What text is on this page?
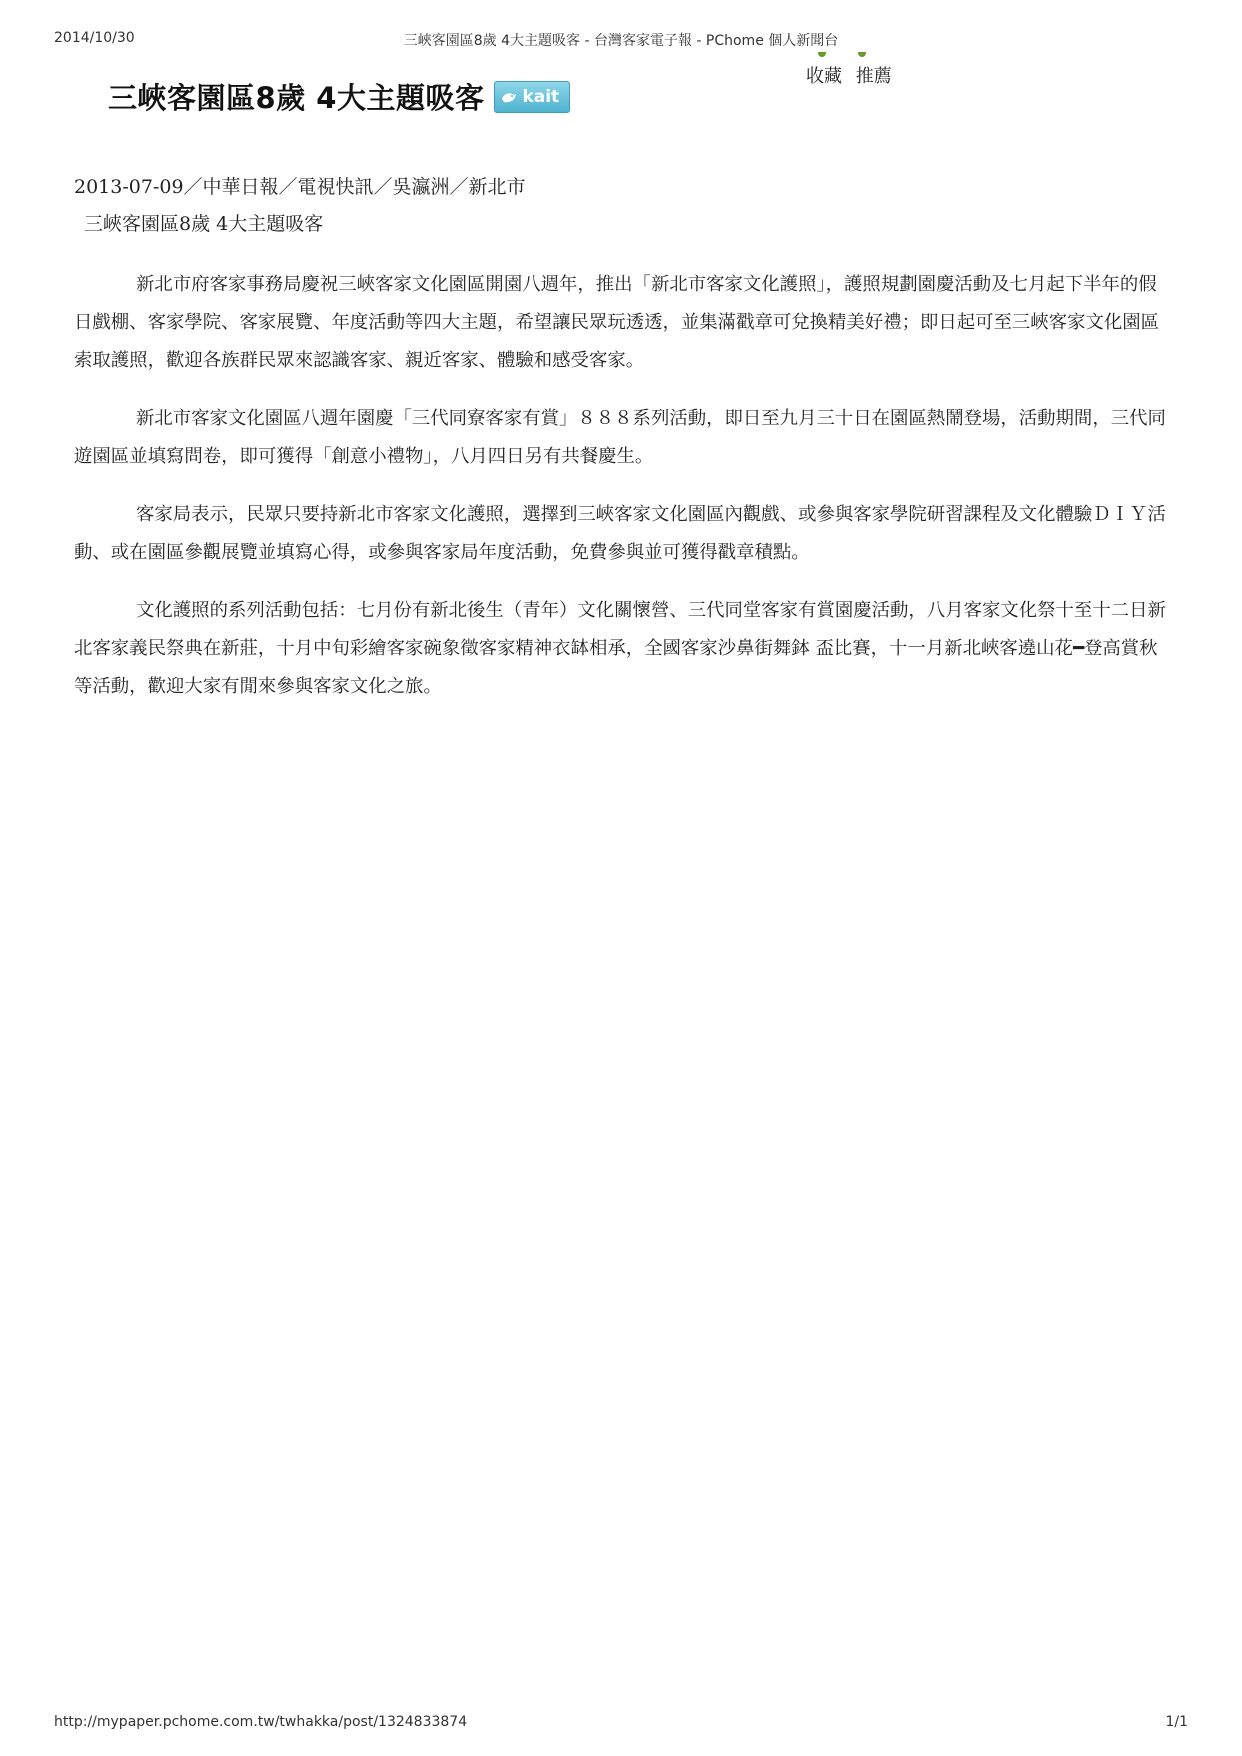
2014/10/30	三峽客園區8歲 4大主題吸客 - 台灣客家電子報 - PChome 個人新聞台
三峽客園區8歲 4大主題吸客 kait
收藏 推薦
2013-07-09／中華日報／電視快訊／吳瀛洲／新北市
三峽客園區8歲 4大主題吸客

新北市府客家事務局慶祝三峽客家文化園區開園八週年，推出「新北市客家文化護照」，護照規劃園慶活動及七月起下半年的假日戲棚、客家學院、客家展覽、年度活動等四大主題，希望讓民眾玩透透，並集滿戳章可兌換精美好禮；即日起可至三峽客家文化園區索取護照，歡迎各族群民眾來認識客家、親近客家、體驗和感受客家。

新北市客家文化園區八週年園慶「三代同寮客家有賞」８８８系列活動，即日至九月三十日在園區熱鬧登場，活動期間，三代同遊園區並填寫問卷，即可獲得「創意小禮物」，八月四日另有共餐慶生。

客家局表示，民眾只要持新北市客家文化護照，選擇到三峽客家文化園區內觀戲、或參與客家學院研習課程及文化體驗ＤＩＹ活動、或在園區參觀展覽並填寫心得，或參與客家局年度活動，免費參與並可獲得戳章積點。

文化護照的系列活動包括：七月份有新北後生（青年）文化關懷營、三代同堂客家有賞園慶活動，八月客家文化祭十至十二日新北客家義民祭典在新莊，十月中旬彩繪客家碗象徵客家精神衣缽相承，全國客家沙鼻街舞鉢 盃比賽，十一月新北峽客遶山花━登高賞秋等活動，歡迎大家有閒來參與客家文化之旅。

http://mypaper.pchome.com.tw/twhakka/post/1324833874	1/1
